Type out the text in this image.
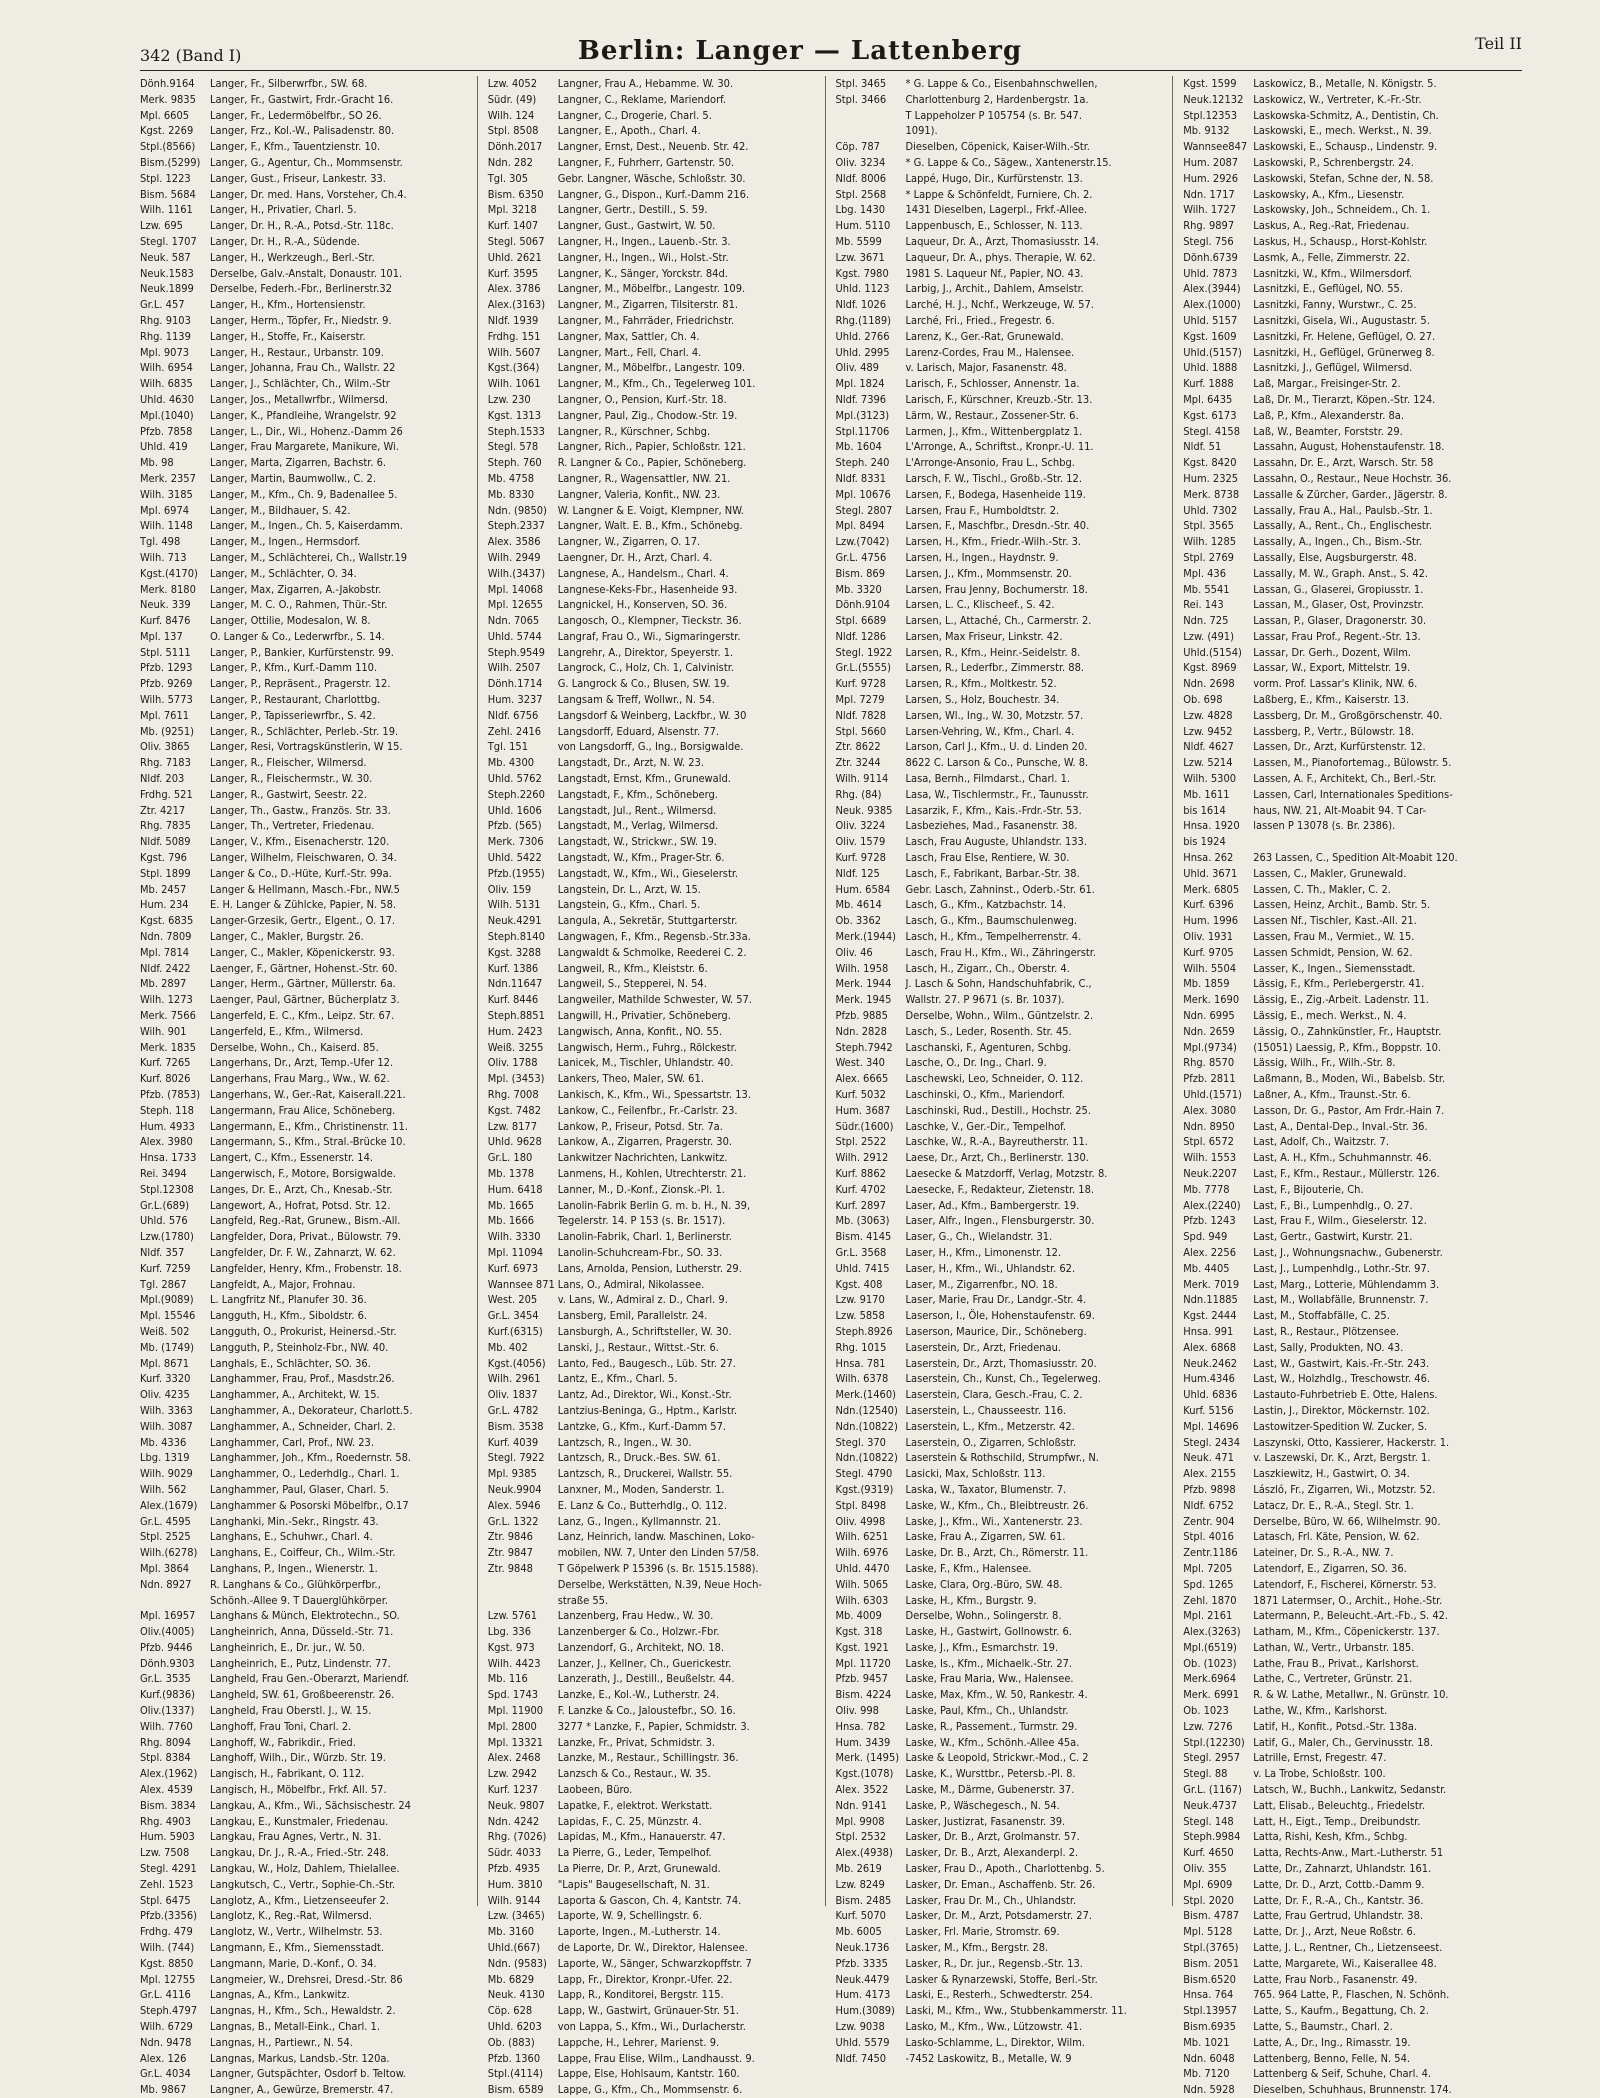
342 (Band I)	Berlin: Langer — Lattenberg	Teil II
Dönh.9164 Langer, Fr., Silberwrfbr., SW. 68.
Merk. 9835 Langer, Fr., Gastwirt, Frdr.-Gracht 16.
Mpl. 6605 Langer, Fr., Ledermöbelfbr., SO 26.
Kgst. 2269 Langer, Frz., Kol.-W., Palisadenstr. 80.
Stpl.(8566) Langer, F., Kfm., Tauentzienstr. 10.
Bism.(5299) Langer, G., Agentur, Ch., Mommsenstr.
Stpl. 1223 Langer, Gust., Friseur, Lankestr. 33.
Bism. 5684 Langer, Dr. med. Hans, Vorsteher, Ch.4.
Wilh. 1161 Langer, H., Privatier, Charl. 5.
Lzw. 695 Langer, Dr. H., R.-A., Potsd.-Str. 118c.
Stegl. 1707 Langer, Dr. H., R.-A., Südende.
Neuk. 587 Langer, H., Werkzeugh., Berl.-Str.
Neuk.1583 Derselbe, Galv.-Anstalt, Donaustr. 101.
Neuk.1899 Derselbe, Federh.-Fbr., Berlinerstr.32
Gr.L. 457 Langer, H., Kfm., Hortensienstr.
Rhg. 9103 Langer, Herm., Töpfer, Fr., Niedstr. 9.
Rhg. 1139 Langer, H., Stoffe, Fr., Kaiserstr.
Mpl. 9073 Langer, H., Restaur., Urbanstr. 109.
Wilh. 6954 Langer, Johanna, Frau Ch., Wallstr. 22
Wilh. 6835 Langer, J., Schlächter, Ch., Wilm.-Str
Uhld. 4630 Langer, Jos., Metallwrfbr., Wilmersd.
Mpl.(1040) Langer, K., Pfandleihe, Wrangelstr. 92
Pfzb. 7858 Langer, L., Dir., Wi., Hohenz.-Damm 26
Uhld. 419 Langer, Frau Margarete, Manikure, Wi.
Mb. 98	Langer, Marta, Zigarren, Bachstr. 6.
Merk. 2357 Langer, Martin, Baumwollw., C. 2.
Wilh. 3185 Langer, M., Kfm., Ch. 9, Badenallee 5.
Mpl. 6974 Langer, M., Bildhauer, S. 42.
Wilh. 1148 Langer, M., Ingen., Ch. 5, Kaiserdamm.
Tgl. 498	Langer, M., Ingen., Hermsdorf.
Wilh. 713 Langer, M., Schlächterei, Ch., Wallstr.19
Kgst.(4170) Langer, M., Schlächter, O. 34.
Merk. 8180 Langer, Max, Zigarren, A.-Jakobstr.
Neuk. 339 Langer, M. C. O., Rahmen, Thür.-Str.
Kurf. 8476 Langer, Ottilie, Modesalon, W. 8.
Mpl. 137 O. Langer & Co., Lederwrfbr., S. 14.
Stpl. 5111 Langer, P., Bankier, Kurfürstenstr. 99.
Pfzb. 1293 Langer, P., Kfm., Kurf.-Damm 110.
Pfzb. 9269 Langer, P., Repräsent., Pragerstr. 12.
Wilh. 5773 Langer, P., Restaurant, Charlottbg.
Mpl. 7611 Langer, P., Tapisseriewrfbr., S. 42.
Mb. (9251) Langer, R., Schlächter, Perleb.-Str. 19.
Oliv. 3865 Langer, Resi, Vortragskünstlerin, W 15.
Rhg. 7183 Langer, R., Fleischer, Wilmersd.
Nldf. 203 Langer, R., Fleischermstr., W. 30.
Frdhg. 521 Langer, R., Gastwirt, Seestr. 22.
Ztr. 4217 Langer, Th., Gastw., Französ. Str. 33.
Rhg. 7835 Langer, Th., Vertreter, Friedenau.
Nldf. 5089 Langer, V., Kfm., Eisenacherstr. 120.
Kgst. 796 Langer, Wilhelm, Fleischwaren, O. 34.
Stpl. 1899 Langer & Co., D.-Hüte, Kurf.-Str. 99a.
Mb. 2457 Langer & Hellmann, Masch.-Fbr., NW.5
Hum. 234 E. H. Langer & Zühlcke, Papier, N. 58.
Kgst. 6835 Langer-Grzesik, Gertr., Elgent., O. 17.
Ndn. 7809 Langer, C., Makler, Burgstr. 26.
Mpl. 7814 Langer, C., Makler, Köpenickerstr. 93.
Nldf. 2422 Laenger, F., Gärtner, Hohenst.-Str. 60.
Mb. 2897 Langer, Herm., Gärtner, Müllerstr. 6a.
Wilh. 1273 Laenger, Paul, Gärtner, Bücherplatz 3.
Merk. 7566 Langerfeld, E. C., Kfm., Leipz. Str. 67.
Wilh. 901 Langerfeld, E., Kfm., Wilmersd.
Merk. 1835 Derselbe, Wohn., Ch., Kaiserd. 85.
Kurf. 7265 Langerhans, Dr., Arzt, Temp.-Ufer 12.
Kurf. 8026 Langerhans, Frau Marg., Ww., W. 62.
Pfzb. (7853) Langerhans, W., Ger.-Rat, Kaiserall.221.
Steph. 118 Langermann, Frau Alice, Schöneberg.
Hum. 4933 Langermann, E., Kfm., Christinenstr. 11.
Alex. 3980 Langermann, S., Kfm., Stral.-Brücke 10.
Hnsa. 1733 Langert, C., Kfm., Essenerstr. 14.
Rei. 3494 Langerwisch, F., Motore, Borsigwalde.
Stpl.12308 Langes, Dr. E., Arzt, Ch., Knesab.-Str.
Gr.L.(689) Langewort, A., Hofrat, Potsd. Str. 12.
Uhld. 576 Langfeld, Reg.-Rat, Grunew., Bism.-All.
Lzw.(1780) Langfelder, Dora, Privat., Bülowstr. 79.
Nldf. 357 Langfelder, Dr. F. W., Zahnarzt, W. 62.
Kurf. 7259 Langfelder, Henry, Kfm., Frobenstr. 18.
Tgl. 2867 Langfeldt, A., Major, Frohnau.
Mpl.(9089) L. Langfritz Nf., Planufer 30. 36.
Mpl. 15546 Langguth, H., Kfm., Siboldstr. 6.
Weiß. 502 Langguth, O., Prokurist, Heinersd.-Str.
Mb. (1749) Langguth, P., Steinholz-Fbr., NW. 40.
Mpl. 8671 Langhals, E., Schlächter, SO. 36.
Kurf. 3320 Langhammer, Frau, Prof., Masdstr.26.
Oliv. 4235 Langhammer, A., Architekt, W. 15.
Wilh. 3363 Langhammer, A., Dekorateur, Charlott.5.
Wilh. 3087 Langhammer, A., Schneider, Charl. 2.
Mb. 4336 Langhammer, Carl, Prof., NW. 23.
Lbg. 1319 Langhammer, Joh., Kfm., Roedernstr. 58.
Wilh. 9029 Langhammer, O., Lederhdlg., Charl. 1.
Wilh. 562 Langhammer, Paul, Glaser, Charl. 5.
Alex.(1679) Langhammer & Posorski Möbelfbr., O.17
Gr.L. 4595 Langhanki, Min.-Sekr., Ringstr. 43.
Stpl. 2525 Langhans, E., Schuhwr., Charl. 4.
Wilh.(6278) Langhans, E., Coiffeur, Ch., Wilm.-Str.
Mpl. 3864 Langhans, P., Ingen., Wienerstr. 1.
Ndn. 8927 R. Langhans & Co., Glühkörperfbr.,
Schönh.-Allee 9. T Dauerglühkörper.
Mpl. 16957 Langhans & Münch, Elektrotechn., SO.
Oliv.(4005) Langheinrich, Anna, Düsseld.-Str. 71.
Pfzb. 9446 Langheinrich, E., Dr. jur., W. 50.
Dönh.9303 Langheinrich, E., Putz, Lindenstr. 77.
Gr.L. 3535 Langheld, Frau Gen.-Oberarzt, Mariendf.
Kurf.(9836) Langheld, SW. 61, Großbeerenstr. 26.
Oliv.(1337) Langheld, Frau Oberstl. J., W. 15.
Wilh. 7760 Langhoff, Frau Toni, Charl. 2.
Rhg. 8094 Langhoff, W., Fabrikdir., Fried.
Stpl. 8384 Langhoff, Wilh., Dir., Würzb. Str. 19.
Alex.(1962) Langisch, H., Fabrikant, O. 112.
Alex. 4539 Langisch, H., Möbelfbr., Frkf. All. 57.
Bism. 3834 Langkau, A., Kfm., Wi., Sächsischestr. 24
Rhg. 4903 Langkau, E., Kunstmaler, Friedenau.
Hum. 5903 Langkau, Frau Agnes, Vertr., N. 31.
Lzw. 7508 Langkau, Dr. J., R.-A., Fried.-Str. 248.
Stegl. 4291 Langkau, W., Holz, Dahlem, Thielallee.
Zehl. 1523 Langkutsch, C., Vertr., Sophie-Ch.-Str.
Stpl. 6475 Langlotz, A., Kfm., Lietzenseeufer 2.
Pfzb.(3356) Langlotz, K., Reg.-Rat, Wilmersd.
Frdhg. 479 Langlotz, W., Vertr., Wilhelmstr. 53.
Wilh. (744) Langmann, E., Kfm., Siemensstadt.
Kgst. 8850 Langmann, Marie, D.-Konf., O. 34.
Mpl. 12755 Langmeier, W., Drehsrei, Dresd.-Str. 86
Gr.L. 4116 Langnas, A., Kfm., Lankwitz.
Steph.4797 Langnas, H., Kfm., Sch., Hewaldstr. 2.
Wilh. 6729 Langnas, B., Metall-Eink., Charl. 1.
Ndn. 9478 Langnas, H., Partiewr., N. 54.
Alex. 126 Langnas, Markus, Landsb.-Str. 120a.
Gr.L. 4034 Langner, Gutspächter, Osdorf b. Teltow.
Mb. 9867 Langner, A., Gewürze, Bremerstr. 47.
Lzw. 4052 Langner, Frau A., Hebamme. W. 30.
Südr. (49) Langner, C., Reklame, Mariendorf.
Wilh. 124 Langner, C., Drogerie, Charl. 5.
Stpl. 8508 Langner, E., Apoth., Charl. 4.
Dönh.2017 Langner, Ernst, Dest., Neuenb. Str. 42.
Ndn. 282 Langner, F., Fuhrherr, Gartenstr. 50.
Tgl. 305	Gebr. Langner, Wäsche, Schloßstr. 30.
Bism. 6350 Langner, G., Dispon., Kurf.-Damm 216.
Mpl. 3218 Langner, Gertr., Destill., S. 59.
Kurf. 1407 Langner, Gust., Gastwirt, W. 50.
Stegl. 5067 Langner, H., Ingen., Lauenb.-Str. 3.
Uhld. 2621 Langner, H., Ingen., Wi., Holst.-Str.
Kurf. 3595 Langner, K., Sänger, Yorckstr. 84d.
Alex. 3786 Langner, M., Möbelfbr., Langestr. 109.
Alex.(3163) Langner, M., Zigarren, Tilsiterstr. 81.
Nldf. 1939 Langner, M., Fahrräder, Friedrichstr.
Frdhg. 151 Langner, Max, Sattler, Ch. 4.
Wilh. 5607 Langner, Mart., Fell, Charl. 4.
Kgst.(364) Langner, M., Möbelfbr., Langestr. 109.
Wilh. 1061 Langner, M., Kfm., Ch., Tegelerweg 101.
Lzw. 230 Langner, O., Pension, Kurf.-Str. 18.
Kgst. 1313 Langner, Paul, Zig., Chodow.-Str. 19.
Steph.1533 Langner, R., Kürschner, Schbg.
Stegl. 578 Langner, Rich., Papier, Schloßstr. 121.
Steph. 760 R. Langner & Co., Papier, Schöneberg.
Mb. 4758 Langner, R., Wagensattler, NW. 21.
Mb. 8330 Langner, Valeria, Konfit., NW. 23.
Ndn. (9850) W. Langner & E. Voigt, Klempner, NW.
Steph.2337 Langner, Walt. E. B., Kfm., Schönebg.
Alex. 3586 Langner, W., Zigarren, O. 17.
Wilh. 2949 Laengner, Dr. H., Arzt, Charl. 4.
Wilh.(3437) Langnese, A., Handelsm., Charl. 4.
Mpl. 14068 Langnese-Keks-Fbr., Hasenheide 93.
Mpl. 12655 Langnickel, H., Konserven, SO. 36.
Ndn. 7065 Langosch, O., Klempner, Tieckstr. 36.
Uhld. 5744 Langraf, Frau O., Wi., Sigmaringerstr.
Steph.9549 Langrehr, A., Direktor, Speyerstr. 1.
Wilh. 2507 Langrock, C., Holz, Ch. 1, Calvinistr.
Dönh.1714 G. Langrock & Co., Blusen, SW. 19.
Hum. 3237 Langsam & Treff, Wollwr., N. 54.
Nldf. 6756 Langsdorf & Weinberg, Lackfbr., W. 30
Zehl. 2416 Langsdorff, Eduard, Alsenstr. 77.
Tgl. 151	von Langsdorff, G., Ing., Borsigwalde.
Mb. 4300 Langstadt, Dr., Arzt, N. W. 23.
Uhld. 5762 Langstadt, Ernst, Kfm., Grunewald.
Steph.2260 Langstadt, F., Kfm., Schöneberg.
Uhld. 1606 Langstadt, Jul., Rent., Wilmersd.
Pfzb. (565) Langstadt, M., Verlag, Wilmersd.
Merk. 7306 Langstadt, W., Strickwr., SW. 19.
Uhld. 5422 Langstadt, W., Kfm., Prager-Str. 6.
Pfzb.(1955) Langstadt, W., Kfm., Wi., Gieselerstr.
Oliv. 159 Langstein, Dr. L., Arzt, W. 15.
Wilh. 5131 Langstein, G., Kfm., Charl. 5.
Neuk.4291 Langula, A., Sekretär, Stuttgarterstr.
Steph.8140 Langwagen, F., Kfm., Regensb.-Str.33a.
Kgst. 3288 Langwaldt & Schmolke, Reederei C. 2.
Kurf. 1386 Langweil, R., Kfm., Kleiststr. 6.
Ndn.11647 Langweil, S., Stepperei, N. 54.
Kurf. 8446 Langweiler, Mathilde Schwester, W. 57.
Steph.8851 Langwill, H., Privatier, Schöneberg.
Hum. 2423 Langwisch, Anna, Konfit., NO. 55.
Weiß. 3255 Langwisch, Herm., Fuhrg., Rölckestr.
Oliv. 1788 Lanicek, M., Tischler, Uhlandstr. 40.
Mpl. (3453) Lankers, Theo, Maler, SW. 61.
Rhg. 7008 Lankisch, K., Kfm., Wi., Spessartstr. 13.
Kgst. 7482 Lankow, C., Feilenfbr., Fr.-Carlstr. 23.
Lzw. 8177 Lankow, P., Friseur, Potsd. Str. 7a.
Uhld. 9628 Lankow, A., Zigarren, Pragerstr. 30.
Gr.L. 180 Lankwitzer Nachrichten, Lankwitz.
Mb. 1378 Lanmens, H., Kohlen, Utrechterstr. 21.
Hum. 6418 Lanner, M., D.-Konf., Zionsk.-Pl. 1.
Mb. 1665 Lanolin-Fabrik Berlin G. m. b. H., N. 39,
Mb. 1666 Tegelerstr. 14. P 153 (s. Br. 1517).
Wilh. 3330 Lanolin-Fabrik, Charl. 1, Berlinerstr.
Mpl. 11094 Lanolin-Schuhcream-Fbr., SO. 33.
Kurf. 6973 Lans, Arnolda, Pension, Lutherstr. 29.
Wannsee 871 Lans, O., Admiral, Nikolassee.
West. 205 v. Lans, W., Admiral z. D., Charl. 9.
Gr.L. 3454 Lansberg, Emil, Parallelstr. 24.
Kurf.(6315) Lansburgh, A., Schriftsteller, W. 30.
Mb. 402	Lanski, J., Restaur., Wittst.-Str. 6.
Kgst.(4056) Lanto, Fed., Baugesch., Lüb. Str. 27.
Wilh. 2961 Lantz, E., Kfm., Charl. 5.
Oliv. 1837 Lantz, Ad., Direktor, Wi., Konst.-Str.
Gr.L. 4782 Lantzius-Beninga, G., Hptm., Karlstr.
Bism. 3538 Lantzke, G., Kfm., Kurf.-Damm 57.
Kurf. 4039 Lantzsch, R., Ingen., W. 30.
Stegl. 7922 Lantzsch, R., Druck.-Bes. SW. 61.
Mpl. 9385 Lantzsch, R., Druckerei, Wallstr. 55.
Neuk.9904 Lanxner, M., Moden, Sanderstr. 1.
Alex. 5946 E. Lanz & Co., Butterhdlg., O. 112.
Gr.L. 1322 Lanz, G., Ingen., Kyllmannstr. 21.
Ztr. 9846 Lanz, Heinrich, landw. Maschinen, Loko-
Ztr. 9847 mobilen, NW. 7, Unter den Linden 57/58.
Ztr. 9848 T Göpelwerk P 15396 (s. Br. 1515.1588).
Derselbe, Werkstätten, N.39, Neue Hoch-
straße 55.
Lzw. 5761 Lanzenberg, Frau Hedw., W. 30.
Lbg. 336 Lanzenberger & Co., Holzwr.-Fbr.
Kgst. 973 Lanzendorf, G., Architekt, NO. 18.
Wilh. 4423 Lanzer, J., Kellner, Ch., Guerickestr.
Mb. 116	Lanzerath, J., Destill., Beußelstr. 44.
Spd. 1743 Lanzke, E., Kol.-W., Lutherstr. 24.
Mpl. 11900 F. Lanzke & Co., Jaloustefbr., SO. 16.
Mpl. 2800 3277 * Lanzke, F., Papier, Schmidstr. 3.
Mpl. 13321 Lanzke, Fr., Privat, Schmidstr. 3.
Alex. 2468 Lanzke, M., Restaur., Schillingstr. 36.
Lzw. 2942 Lanzsch & Co., Restaur., W. 35.
Kurf. 1237 Laobeen, Büro.
Neuk. 9807 Lapatke, F., elektrot. Werkstatt.
Ndn. 4242 Lapidas, F., C. 25, Münzstr. 4.
Rhg. (7026) Lapidas, M., Kfm., Hanauerstr. 47.
Südr. 4033 La Pierre, G., Leder, Tempelhof.
Pfzb. 4935 La Pierre, Dr. P., Arzt, Grunewald.
Hum. 3810 "Lapis" Baugesellschaft, N. 31.
Wilh. 9144 Laporta & Gascon, Ch. 4, Kantstr. 74.
Lzw. (3465) Laporte, W. 9, Schellingstr. 6.
Mb. 3160 Laporte, Ingen., M.-Lutherstr. 14.
Uhld.(667) de Laporte, Dr. W., Direktor, Halensee.
Ndn. (9583) Laporte, W., Sänger, Schwarzkopffstr. 7
Mb. 6829 Lapp, Fr., Direktor, Kronpr.-Ufer. 22.
Neuk. 4130 Lapp, R., Konditorei, Bergstr. 115.
Cöp. 628 Lapp, W., Gastwirt, Grünauer-Str. 51.
Uhld. 6203 von Lappa, S., Kfm., Wi., Durlacherstr.
Ob. (883) Lappche, H., Lehrer, Marienst. 9.
Pfzb. 1360 Lappe, Frau Elise, Wilm., Landhausst. 9.
Stpl.(4114) Lappe, Else, Hohlsaum, Kantstr. 160.
Bism. 6589 Lappe, G., Kfm., Ch., Mommsenstr. 6.
Stpl. 3465 * G. Lappe & Co., Eisenbahnschwellen,
Stpl. 3466 Charlottenburg 2, Hardenbergstr. 1a.
T Lappeholzer P 105754 (s. Br. 547.
1091).
Cöp. 787 Dieselben, Cöpenick, Kaiser-Wilh.-Str.
Oliv. 3234 * G. Lappe & Co., Sägew., Xantenerstr.15.
Nldf. 8006 Lappé, Hugo, Dir., Kurfürstenstr. 13.
Stpl. 2568 * Lappe & Schönfeldt, Furniere, Ch. 2.
Lbg. 1430 1431 Dieselben, Lagerpl., Frkf.-Allee.
Hum. 5110 Lappenbusch, E., Schlosser, N. 113.
Mb. 5599 Laqueur, Dr. A., Arzt, Thomasiusstr. 14.
Lzw. 3671 Laqueur, Dr. A., phys. Therapie, W. 62.
Kgst. 7980 1981 S. Laqueur Nf., Papier, NO. 43.
Uhld. 1123 Larbig, J., Archit., Dahlem, Amselstr.
Nldf. 1026 Larché, H. J., Nchf., Werkzeuge, W. 57.
Rhg.(1189) Larché, Fri., Fried., Fregestr. 6.
Uhld. 2766 Larenz, K., Ger.-Rat, Grunewald.
Uhld. 2995 Larenz-Cordes, Frau M., Halensee.
Oliv. 489 v. Larisch, Major, Fasanenstr. 48.
Mpl. 1824 Larisch, F., Schlosser, Annenstr. 1a.
Nldf. 7396 Larisch, F., Kürschner, Kreuzb.-Str. 13.
Mpl.(3123) Lärm, W., Restaur., Zossener-Str. 6.
Stpl.11706 Larmen, J., Kfm., Wittenbergplatz 1.
Mb. 1604 L'Arronge, A., Schriftst., Kronpr.-U. 11.
Steph. 240 L'Arronge-Ansonio, Frau L., Schbg.
Nldf. 8331 Larsch, F. W., Tischl., Großb.-Str. 12.
Mpl. 10676 Larsen, F., Bodega, Hasenheide 119.
Stegl. 2807 Larsen, Frau F., Humboldtstr. 2.
Mpl. 8494 Larsen, F., Maschfbr., Dresdn.-Str. 40.
Lzw.(7042) Larsen, H., Kfm., Friedr.-Wilh.-Str. 3.
Gr.L. 4756 Larsen, H., Ingen., Haydnstr. 9.
Bism. 869 Larsen, J., Kfm., Mommsenstr. 20.
Mb. 3320 Larsen, Frau Jenny, Bochumerstr. 18.
Dönh.9104 Larsen, L. C., Klischeef., S. 42.
Stpl. 6689 Larsen, L., Attaché, Ch., Carmerstr. 2.
Nldf. 1286 Larsen, Max Friseur, Linkstr. 42.
Stegl. 1922 Larsen, R., Kfm., Heinr.-Seidelstr. 8.
Gr.L.(5555) Larsen, R., Lederfbr., Zimmerstr. 88.
Kurf. 9728 Larsen, R., Kfm., Moltkestr. 52.
Mpl. 7279 Larsen, S., Holz, Bouchestr. 34.
Nldf. 7828 Larsen, Wl., Ing., W. 30, Motzstr. 57.
Stpl. 5660 Larsen-Vehring, W., Kfm., Charl. 4.
Ztr. 8622 Larson, Carl J., Kfm., U. d. Linden 20.
Ztr. 3244 8622 C. Larson & Co., Punsche, W. 8.
Wilh. 9114 Lasa, Bernh., Filmdarst., Charl. 1.
Rhg. (84) Lasa, W., Tischlermstr., Fr., Taunusstr.
Neuk. 9385 Lasarzik, F., Kfm., Kais.-Frdr.-Str. 53.
Oliv. 3224 Lasbeziehes, Mad., Fasanenstr. 38.
Oliv. 1579 Lasch, Frau Auguste, Uhlandstr. 133.
Kurf. 9728 Lasch, Frau Else, Rentiere, W. 30.
Nldf. 125 Lasch, F., Fabrikant, Barbar.-Str. 38.
Hum. 6584 Gebr. Lasch, Zahninst., Oderb.-Str. 61.
Mb. 4614 Lasch, G., Kfm., Katzbachstr. 14.
Ob. 3362 Lasch, G., Kfm., Baumschulenweg.
Merk.(1944) Lasch, H., Kfm., Tempelherrenstr. 4.
Oliv. 46	Lasch, Frau H., Kfm., Wi., Zähringerstr.
Wilh. 1958 Lasch, H., Zigarr., Ch., Oberstr. 4.
Merk. 1944 J. Lasch & Sohn, Handschuhfabrik, C.,
Merk. 1945 Wallstr. 27. P 9671 (s. Br. 1037).
Pfzb. 9885 Derselbe, Wohn., Wilm., Güntzelstr. 2.
Ndn. 2828 Lasch, S., Leder, Rosenth. Str. 45.
Steph.7942 Laschanski, F., Agenturen, Schbg.
West. 340 Lasche, O., Dr. Ing., Charl. 9.
Alex. 6665 Laschewski, Leo, Schneider, O. 112.
Kurf. 5032 Laschinski, O., Kfm., Mariendorf.
Hum. 3687 Laschinski, Rud., Destill., Hochstr. 25.
Südr.(1600) Laschke, V., Ger.-Dir., Tempelhof.
Stpl. 2522 Laschke, W., R.-A., Bayreutherstr. 11.
Wilh. 2912 Laese, Dr., Arzt, Ch., Berlinerstr. 130.
Kurf. 8862 Laesecke & Matzdorff, Verlag, Motzstr. 8.
Kurf. 4702 Laesecke, F., Redakteur, Zietenstr. 18.
Kurf. 2897 Laser, Ad., Kfm., Bambergerstr. 19.
Mb. (3063) Laser, Alfr., Ingen., Flensburgerstr. 30.
Bism. 4145 Laser, G., Ch., Wielandstr. 31.
Gr.L. 3568 Laser, H., Kfm., Limonenstr. 12.
Uhld. 7415 Laser, H., Kfm., Wi., Uhlandstr. 62.
Kgst. 408 Laser, M., Zigarrenfbr., NO. 18.
Lzw. 9170 Laser, Marie, Frau Dr., Landgr.-Str. 4.
Lzw. 5858 Laserson, I., Öle, Hohenstaufenstr. 69.
Steph.8926 Laserson, Maurice, Dir., Schöneberg.
Rhg. 1015 Laserstein, Dr., Arzt, Friedenau.
Hnsa. 781 Laserstein, Dr., Arzt, Thomasiusstr. 20.
Wilh. 6378 Laserstein, Ch., Kunst, Ch., Tegelerweg.
Merk.(1460) Laserstein, Clara, Gesch.-Frau, C. 2.
Ndn.(12540) Laserstein, L., Chausseestr. 116.
Ndn.(10822) Laserstein, L., Kfm., Metzerstr. 42.
Stegl. 370 Laserstein, O., Zigarren, Schloßstr.
Ndn.(10822) Laserstein & Rothschild, Strumpfwr., N.
Stegl. 4790 Lasicki, Max, Schloßstr. 113.
Kgst.(9319) Laska, W., Taxator, Blumenstr. 7.
Stpl. 8498 Laske, W., Kfm., Ch., Bleibtreustr. 26.
Oliv. 4998 Laske, J., Kfm., Wi., Xantenerstr. 23.
Wilh. 6251 Laske, Frau A., Zigarren, SW. 61.
Wilh. 6976 Laske, Dr. B., Arzt, Ch., Römerstr. 11.
Uhld. 4470 Laske, F., Kfm., Halensee.
Wilh. 5065 Laske, Clara, Org.-Büro, SW. 48.
Wilh. 6303 Laske, H., Kfm., Burgstr. 9.
Mb. 4009 Derselbe, Wohn., Solingerstr. 8.
Kgst. 318 Laske, H., Gastwirt, Gollnowstr. 6.
Kgst. 1921 Laske, J., Kfm., Esmarchstr. 19.
Mpl. 11720 Laske, Is., Kfm., Michaelk.-Str. 27.
Pfzb. 9457 Laske, Frau Maria, Ww., Halensee.
Bism. 4224 Laske, Max, Kfm., W. 50, Rankestr. 4.
Oliv. 998 Laske, Paul, Kfm., Ch., Uhlandstr.
Hnsa. 782 Laske, R., Passement., Turmstr. 29.
Hum. 3439 Laske, W., Kfm., Schönh.-Allee 45a.
Merk. (1495) Laske & Leopold, Strickwr.-Mod., C. 2
Kgst.(1078) Laske, K., Wursttbr., Petersb.-Pl. 8.
Alex. 3522 Laske, M., Därme, Gubenerstr. 37.
Ndn. 9141 Laske, P., Wäschegesch., N. 54.
Mpl. 9908 Lasker, Justizrat, Fasanenstr. 39.
Stpl. 2532 Lasker, Dr. B., Arzt, Grolmanstr. 57.
Alex.(4938) Lasker, Dr. B., Arzt, Alexanderpl. 2.
Mb. 2619 Lasker, Frau D., Apoth., Charlottenbg. 5.
Lzw. 8249 Lasker, Dr. Eman., Aschaffenb. Str. 26.
Bism. 2485 Lasker, Frau Dr. M., Ch., Uhlandstr.
Kurf. 5070 Lasker, Dr. M., Arzt, Potsdamerstr. 27.
Mb. 6005 Lasker, Frl. Marie, Stromstr. 69.
Neuk.1736 Lasker, M., Kfm., Bergstr. 28.
Pfzb. 3335 Lasker, R., Dr. jur., Regensb.-Str. 13.
Neuk.4479 Lasker & Rynarzewski, Stoffe, Berl.-Str.
Hum. 4173 Laski, E., Resterh., Schwedterstr. 254.
Hum.(3089) Laski, M., Kfm., Ww., Stubbenkammerstr. 11.
Lzw. 9038 Lasko, M., Kfm., Ww., Lützowstr. 41.
Uhld. 5579 Lasko-Schlamme, L., Direktor, Wilm.
Nldf. 7450 -7452 Laskowitz, B., Metalle, W. 9
Kgst. 1599 Laskowicz, B., Metalle, N. Königstr. 5.
Neuk.12132 Laskowicz, W., Vertreter, K.-Fr.-Str.
Stpl.12353 Laskowska-Schmitz, A., Dentistin, Ch.
Mb. 9132 Laskowski, E., mech. Werkst., N. 39.
Wannsee847 Laskowski, E., Schausp., Lindenstr. 9.
Hum. 2087 Laskowski, P., Schrenbergstr. 24.
Hum. 2926 Laskowski, Stefan, Schne der, N. 58.
Ndn. 1717 Laskowsky, A., Kfm., Liesenstr.
Wilh. 1727 Laskowsky, Joh., Schneidem., Ch. 1.
Rhg. 9897 Laskus, A., Reg.-Rat, Friedenau.
Stegl. 756 Laskus, H., Schausp., Horst-Kohlstr.
Dönh.6739 Lasmk, A., Felle, Zimmerstr. 22.
Uhld. 7873 Lasnitzki, W., Kfm., Wilmersdorf.
Alex.(3944) Lasnitzki, E., Geflügel, NO. 55.
Alex.(1000) Lasnitzki, Fanny, Wurstwr., C. 25.
Uhld. 5157 Lasnitzki, Gisela, Wi., Augustastr. 5.
Kgst. 1609 Lasnitzki, Fr. Helene, Geflügel, O. 27.
Uhld.(5157) Lasnitzki, H., Geflügel, Grünerweg 8.
Uhld. 1888 Lasnitzki, J., Geflügel, Wilmersd.
Kurf. 1888 Laß, Margar., Freisinger-Str. 2.
Mpl. 6435 Laß, Dr. M., Tierarzt, Köpen.-Str. 124.
Kgst. 6173 Laß, P., Kfm., Alexanderstr. 8a.
Stegl. 4158 Laß, W., Beamter, Forststr. 29.
Nldf. 51	Lassahn, August, Hohenstaufenstr. 18.
Kgst. 8420 Lassahn, Dr. E., Arzt, Warsch. Str. 58
Hum. 2325 Lassahn, O., Restaur., Neue Hochstr. 36.
Merk. 8738 Lassalle & Zürcher, Garder., Jägerstr. 8.
Uhld. 7302 Lassally, Frau A., Hal., Paulsb.-Str. 1.
Stpl. 3565 Lassally, A., Rent., Ch., Englischestr.
Wilh. 1285 Lassally, A., Ingen., Ch., Bism.-Str.
Stpl. 2769 Lassally, Else, Augsburgerstr. 48.
Mpl. 436 Lassally, M. W., Graph. Anst., S. 42.
Mb. 5541 Lassan, G., Glaserei, Gropiusstr. 1.
Rei. 143	Lassan, M., Glaser, Ost, Provinzstr.
Ndn. 725 Lassan, P., Glaser, Dragonerstr. 30.
Lzw. (491) Lassar, Frau Prof., Regent.-Str. 13.
Uhld.(5154) Lassar, Dr. Gerh., Dozent, Wilm.
Kgst. 8969 Lassar, W., Export, Mittelstr. 19.
Ndn. 2698 vorm. Prof. Lassar's Klinik, NW. 6.
Ob. 698	Laßberg, E., Kfm., Kaiserstr. 13.
Lzw. 4828 Lassberg, Dr. M., Großgörschenstr. 40.
Lzw. 9452 Lassberg, P., Vertr., Bülowstr. 18.
Nldf. 4627 Lassen, Dr., Arzt, Kurfürstenstr. 12.
Lzw. 5214 Lassen, M., Pianofortemag., Bülowstr. 5.
Wilh. 5300 Lassen, A. F., Architekt, Ch., Berl.-Str.
Mb. 1611 Lassen, Carl, Internationales Speditions-
bis 1614 haus, NW. 21, Alt-Moabit 94. T Car-
Hnsa. 1920 lassen P 13078 (s. Br. 2386).
bis 1924
Hnsa. 262 263 Lassen, C., Spedition Alt-Moabit 120.
Uhld. 3671 Lassen, C., Makler, Grunewald.
Merk. 6805 Lassen, C. Th., Makler, C. 2.
Kurf. 6396 Lassen, Heinz, Archit., Bamb. Str. 5.
Hum. 1996 Lassen Nf., Tischler, Kast.-All. 21.
Oliv. 1931 Lassen, Frau M., Vermiet., W. 15.
Kurf. 9705 Lassen Schmidt, Pension, W. 62.
Wilh. 5504 Lasser, K., Ingen., Siemensstadt.
Mb. 1859 Lässig, F., Kfm., Perlebergerstr. 41.
Merk. 1690 Lässig, E., Zig.-Arbeit. Ladenstr. 11.
Ndn. 6995 Lässig, E., mech. Werkst., N. 4.
Ndn. 2659 Lässig, O., Zahnkünstler, Fr., Hauptstr.
Mpl.(9734) (15051) Laessig, P., Kfm., Boppstr. 10.
Rhg. 8570 Lässig, Wilh., Fr., Wilh.-Str. 8.
Pfzb. 2811 Laßmann, B., Moden, Wi., Babelsb. Str.
Uhld.(1571) Laßner, A., Kfm., Traunst.-Str. 6.
Alex. 3080 Lasson, Dr. G., Pastor, Am Frdr.-Hain 7.
Ndn. 8950 Last, A., Dental-Dep., Inval.-Str. 36.
Stpl. 6572 Last, Adolf, Ch., Waitzstr. 7.
Wilh. 1553 Last, A. H., Kfm., Schuhmannstr. 46.
Neuk.2207 Last, F., Kfm., Restaur., Müllerstr. 126.
Mb. 7778 Last, F., Bijouterie, Ch.
Alex.(2240) Last, F., Bi., Lumpenhdlg., O. 27.
Pfzb. 1243 Last, Frau F., Wilm., Gieselerstr. 12.
Spd. 949 Last, Gertr., Gastwirt, Kurstr. 21.
Alex. 2256 Last, J., Wohnungsnachw., Gubenerstr.
Mb. 4405 Last, J., Lumpenhdlg., Lothr.-Str. 97.
Merk. 7019 Last, Marg., Lotterie, Mühlendamm 3.
Ndn.11885 Last, M., Wollabfälle, Brunnenstr. 7.
Kgst. 2444 Last, M., Stoffabfälle, C. 25.
Hnsa. 991 Last, R., Restaur., Plötzensee.
Alex. 6868 Last, Sally, Produkten, NO. 43.
Neuk.2462 Last, W., Gastwirt, Kais.-Fr.-Str. 243.
Hum.4346 Last, W., Holzhdlg., Treschowstr. 46.
Uhld. 6836 Lastauto-Fuhrbetrieb E. Otte, Halens.
Kurf. 5156 Lastin, J., Direktor, Möckernstr. 102.
Mpl. 14696 Lastowitzer-Spedition W. Zucker, S.
Stegl. 2434 Laszynski, Otto, Kassierer, Hackerstr. 1.
Neuk. 471 v. Laszewski, Dr. K., Arzt, Bergstr. 1.
Alex. 2155 Laszkiewitz, H., Gastwirt, O. 34.
Pfzb. 9898 László, Fr., Zigarren, Wi., Motzstr. 52.
Nldf. 6752 Latacz, Dr. E., R.-A., Stegl. Str. 1.
Zentr. 904 Derselbe, Büro, W. 66, Wilhelmstr. 90.
Stpl. 4016 Latasch, Frl. Käte, Pension, W. 62.
Zentr.1186 Lateiner, Dr. S., R.-A., NW. 7.
Mpl. 7205 Latendorf, E., Zigarren, SO. 36.
Spd. 1265 Latendorf, F., Fischerei, Körnerstr. 53.
Zehl. 1870 1871 Latermser, O., Archit., Hohe.-Str.
Mpl. 2161 Latermann, P., Beleucht.-Art.-Fb., S. 42.
Alex.(3263) Latham, M., Kfm., Cöpenickerstr. 137.
Mpl.(6519) Lathan, W., Vertr., Urbanstr. 185.
Ob. (1023) Lathe, Frau B., Privat., Karlshorst.
Merk.6964 Lathe, C., Vertreter, Grünstr. 21.
Merk. 6991 R. & W. Lathe, Metallwr., N. Grünstr. 10.
Ob. 1023 Lathe, W., Kfm., Karlshorst.
Lzw. 7276 Latif, H., Konfit., Potsd.-Str. 138a.
Stpl.(12230) Latif, G., Maler, Ch., Gervinusstr. 18.
Stegl. 2957 Latrille, Ernst, Fregestr. 47.
Stegl. 88 v. La Trobe, Schloßstr. 100.
Gr.L. (1167) Latsch, W., Buchh., Lankwitz, Sedanstr.
Neuk.4737 Latt, Elisab., Beleuchtg., Friedelstr.
Stegl. 148 Latt, H., Eigt., Temp., Dreibundstr.
Steph.9984 Latta, Rishi, Kesh, Kfm., Schbg.
Kurf. 4650 Latta, Rechts-Anw., Mart.-Lutherstr. 51
Oliv. 355 Latte, Dr., Zahnarzt, Uhlandstr. 161.
Mpl. 6909 Latte, Dr. D., Arzt, Cottb.-Damm 9.
Stpl. 2020 Latte, Dr. F., R.-A., Ch., Kantstr. 36.
Bism. 4787 Latte, Frau Gertrud, Uhlandstr. 38.
Mpl. 5128 Latte, Dr. J., Arzt, Neue Roßstr. 6.
Stpl.(3765) Latte, J. L., Rentner, Ch., Lietzenseest.
Bism. 2051 Latte, Margarete, Wi., Kaiserallee 48.
Bism.6520 Latte, Frau Norb., Fasanenstr. 49.
Hnsa. 764 765. 964 Latte, P., Flaschen, N. Schönh.
Stpl.13957 Latte, S., Kaufm., Begattung, Ch. 2.
Bism.6935 Latte, S., Baumstr., Charl. 2.
Mb. 1021 Latte, A., Dr., Ing., Rimasstr. 19.
Ndn. 6048 Lattenberg, Benno, Felle, N. 54.
Mb. 7120 Lattenberg & Seif, Schuhe, Charl. 4.
Ndn. 5928 Dieselben, Schuhhaus, Brunnenstr. 174.
